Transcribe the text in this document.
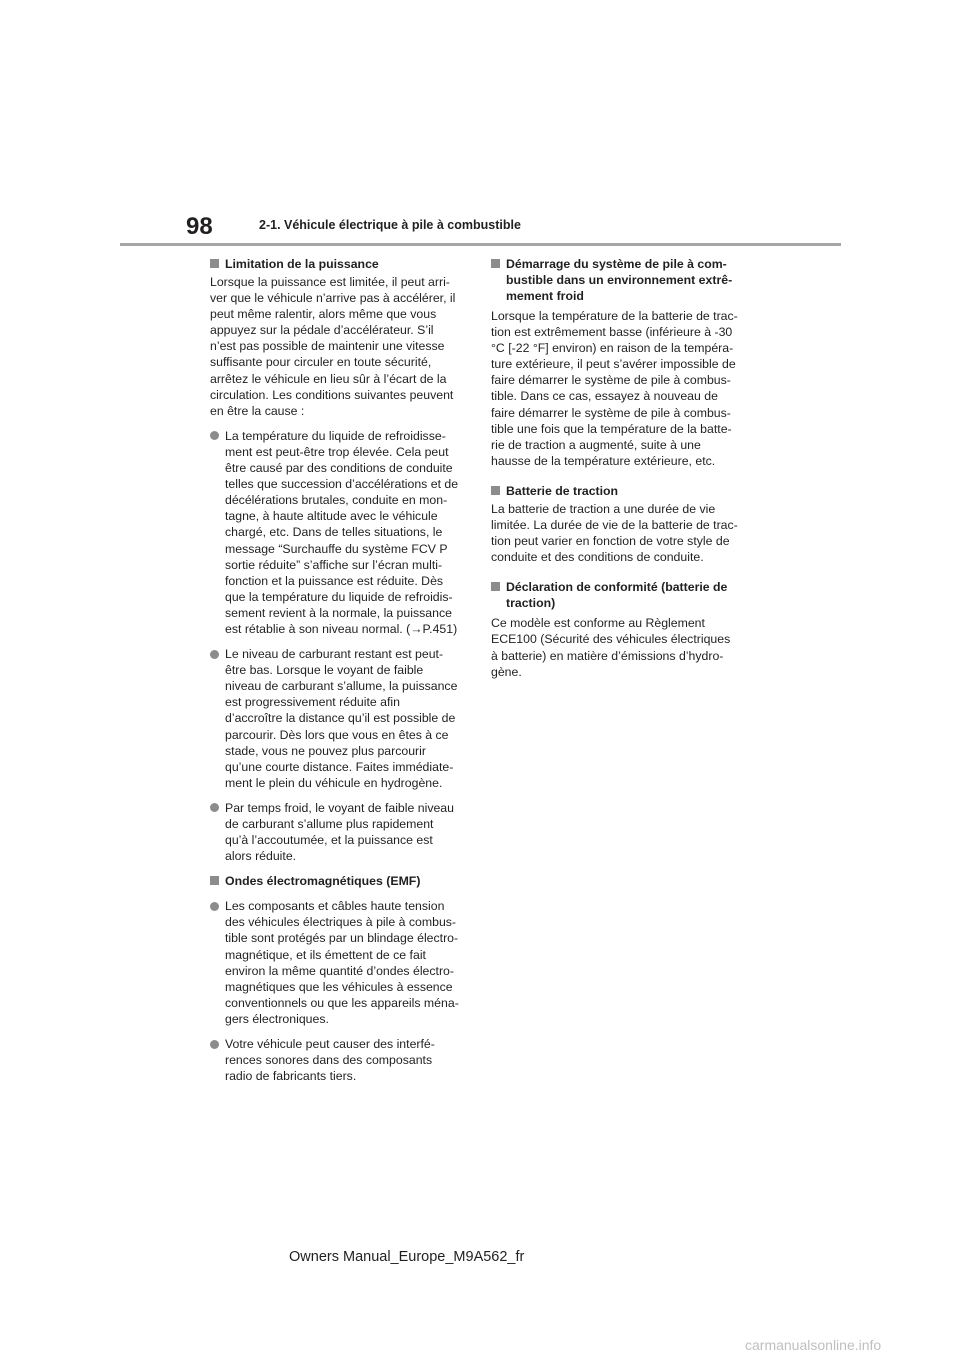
98	2-1. Véhicule électrique à pile à combustible
Limitation de la puissance
Lorsque la puissance est limitée, il peut arri-
ver que le véhicule n’arrive pas à accélérer, il
peut même ralentir, alors même que vous
appuyez sur la pédale d’accélérateur. S’il
n’est pas possible de maintenir une vitesse
suffisante pour circuler en toute sécurité,
arrêtez le véhicule en lieu sûr à l’écart de la
circulation. Les conditions suivantes peuvent
en être la cause :
La température du liquide de refroidisse-
ment est peut-être trop élevée. Cela peut
être causé par des conditions de conduite
telles que succession d’accélérations et de
décélérations brutales, conduite en mon-
tagne, à haute altitude avec le véhicule
chargé, etc. Dans de telles situations, le
message “Surchauffe du système FCV P
sortie réduite” s’affiche sur l’écran multi-
fonction et la puissance est réduite. Dès
que la température du liquide de refroidis-
sement revient à la normale, la puissance
est rétablie à son niveau normal. (→P.451)
Le niveau de carburant restant est peut-
être bas. Lorsque le voyant de faible
niveau de carburant s’allume, la puissance
est progressivement réduite afin
d’accroître la distance qu’il est possible de
parcourir. Dès lors que vous en êtes à ce
stade, vous ne pouvez plus parcourir
qu’une courte distance. Faites immédiate-
ment le plein du véhicule en hydrogène.
Par temps froid, le voyant de faible niveau
de carburant s’allume plus rapidement
qu’à l’accoutumée, et la puissance est
alors réduite.
Ondes électromagnétiques (EMF)
Les composants et câbles haute tension
des véhicules électriques à pile à combus-
tible sont protégés par un blindage électro-
magnétique, et ils émettent de ce fait
environ la même quantité d’ondes électro-
magnétiques que les véhicules à essence
conventionnels ou que les appareils ména-
gers électroniques.
Votre véhicule peut causer des interfé-
rences sonores dans des composants
radio de fabricants tiers.
Démarrage du système de pile à com-
bustible dans un environnement extrê-
mement froid
Lorsque la température de la batterie de trac-
tion est extrêmement basse (inférieure à -30
°C [-22 °F] environ) en raison de la tempéra-
ture extérieure, il peut s’avérer impossible de
faire démarrer le système de pile à combus-
tible. Dans ce cas, essayez à nouveau de
faire démarrer le système de pile à combus-
tible une fois que la température de la batte-
rie de traction a augmenté, suite à une
hausse de la température extérieure, etc.
Batterie de traction
La batterie de traction a une durée de vie
limitée. La durée de vie de la batterie de trac-
tion peut varier en fonction de votre style de
conduite et des conditions de conduite.
Déclaration de conformité (batterie de
traction)
Ce modèle est conforme au Règlement
ECE100 (Sécurité des véhicules électriques
à batterie) en matière d’émissions d’hydro-
gène.
Owners Manual_Europe_M9A562_fr
carmanualsonline.info
